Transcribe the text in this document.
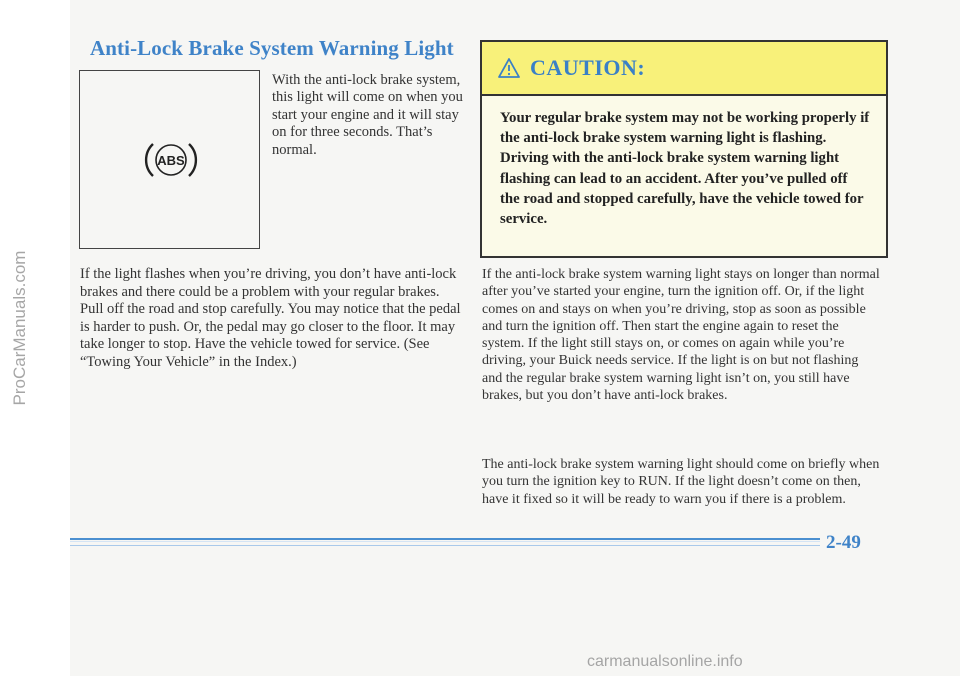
Anti-Lock Brake System Warning Light
ABS

With the anti-lock brake system, this light will come on when you start your engine and it will stay on for three seconds. That’s normal.

If the light flashes when you’re driving, you don’t have anti-lock brakes and there could be a problem with your regular brakes. Pull off the road and stop carefully. You may notice that the pedal is harder to push. Or, the pedal may go closer to the floor. It may take longer to stop. Have the vehicle towed for service. (See “Towing Your Vehicle” in the Index.)

CAUTION:

Your regular brake system may not be working properly if the anti-lock brake system warning light is flashing. Driving with the anti-lock brake system warning light flashing can lead to an accident. After you’ve pulled off the road and stopped carefully, have the vehicle towed for service.

If the anti-lock brake system warning light stays on longer than normal after you’ve started your engine, turn the ignition off. Or, if the light comes on and stays on when you’re driving, stop as soon as possible and turn the ignition off. Then start the engine again to reset the system. If the light still stays on, or comes on again while you’re driving, your Buick needs service. If the light is on but not flashing and the regular brake system warning light isn’t on, you still have brakes, but you don’t have anti-lock brakes.

The anti-lock brake system warning light should come on briefly when you turn the ignition key to RUN. If the light doesn’t come on then, have it fixed so it will be ready to warn you if there is a problem.

2-49

ProCarManuals.com

carmanualsonline.info
